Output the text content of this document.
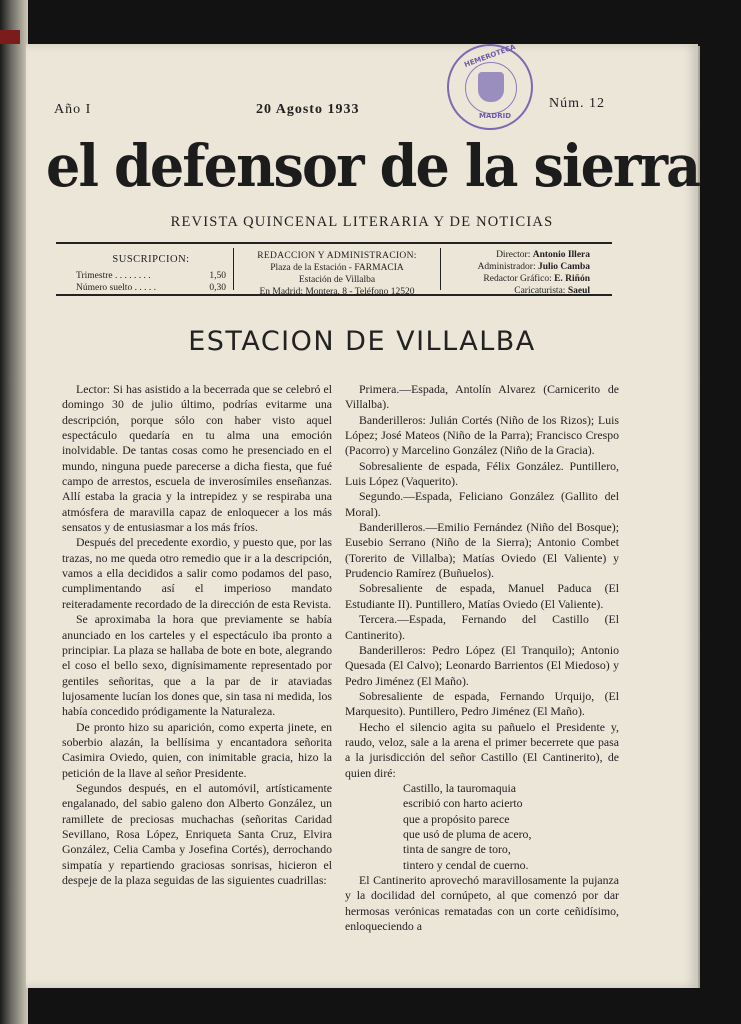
Año I	20 Agosto 1933	Núm. 12
HEMEROTECA
MADRID
el defensor de la sierra
REVISTA QUINCENAL LITERARIA Y DE NOTICIAS
SUSCRIPCION:
Trimestre . . . . . . . .	1,50
Número suelto . . . . .	0,30
REDACCION Y ADMINISTRACION:
Plaza de la Estación - FARMACIA
Estación de Villalba
En Madrid: Montera, 8 - Teléfono 12520
Director: Antonio Illera
Administrador: Julio Camba
Redactor Gráfico: E. Riñón
Caricaturista: Saeul
ESTACION DE VILLALBA

Lector: Si has asistido a la becerrada que se celebró el domingo 30 de julio último, podrías evitarme una descripción, porque sólo con haber visto aquel espectáculo quedaría en tu alma una emoción inolvidable. De tantas cosas como he presenciado en el mundo, ninguna puede parecerse a dicha fiesta, que fué campo de arrestos, escuela de inverosímiles enseñanzas. Allí estaba la gracia y la intrepidez y se respiraba una atmósfera de maravilla capaz de enloquecer a los más sensatos y de entusiasmar a los más fríos.

Después del precedente exordio, y puesto que, por las trazas, no me queda otro remedio que ir a la descripción, vamos a ella decididos a salir como podamos del paso, cumplimentando así el imperioso mandato reiteradamente recordado de la dirección de esta Revista.

Se aproximaba la hora que previamente se había anunciado en los carteles y el espectáculo iba pronto a principiar. La plaza se hallaba de bote en bote, alegrando el coso el bello sexo, dignísimamente representado por gentiles señoritas, que a la par de ir ataviadas lujosamente lucían los dones que, sin tasa ni medida, los había concedido pródigamente la Naturaleza.

De pronto hizo su aparición, como experta jinete, en soberbio alazán, la bellísima y encantadora señorita Casimira Oviedo, quien, con inimitable gracia, hizo la petición de la llave al señor Presidente.

Segundos después, en el automóvil, artísticamente engalanado, del sabio galeno don Alberto González, un ramillete de preciosas muchachas (señoritas Caridad Sevillano, Rosa López, Enriqueta Santa Cruz, Elvira González, Celia Camba y Josefina Cortés), derrochando simpatía y repartiendo graciosas sonrisas, hicieron el despeje de la plaza seguidas de las siguientes cuadrillas:

Primera.—Espada, Antolín Alvarez (Carnicerito de Villalba).

Banderilleros: Julián Cortés (Niño de los Rizos); Luis López; José Mateos (Niño de la Parra); Francisco Crespo (Pacorro) y Marcelino González (Niño de la Gracia).

Sobresaliente de espada, Félix González. Puntillero, Luis López (Vaquerito).

Segundo.—Espada, Feliciano González (Gallito del Moral).

Banderilleros.—Emilio Fernández (Niño del Bosque); Eusebio Serrano (Niño de la Sierra); Antonio Combet (Torerito de Villalba); Matías Oviedo (El Valiente) y Prudencio Ramírez (Buñuelos).

Sobresaliente de espada, Manuel Paduca (El Estudiante II). Puntillero, Matías Oviedo (El Valiente).

Tercera.—Espada, Fernando del Castillo (El Cantinerito).

Banderilleros: Pedro López (El Tranquilo); Antonio Quesada (El Calvo); Leonardo Barrientos (El Miedoso) y Pedro Jiménez (El Maño).

Sobresaliente de espada, Fernando Urquijo, (El Marquesito). Puntillero, Pedro Jiménez (El Maño).

Hecho el silencio agita su pañuelo el Presidente y, raudo, veloz, sale a la arena el primer becerrete que pasa a la jurisdicción del señor Castillo (El Cantinerito), de quien diré:

Castillo, la tauromaquia

escribió con harto acierto

que a propósito parece

que usó de pluma de acero,

tinta de sangre de toro,

tintero y cendal de cuerno.

El Cantinerito aprovechó maravillosamente la pujanza y la docilidad del cornúpeto, al que comenzó por dar hermosas verónicas rematadas con un corte ceñidísimo, enloqueciendo a
